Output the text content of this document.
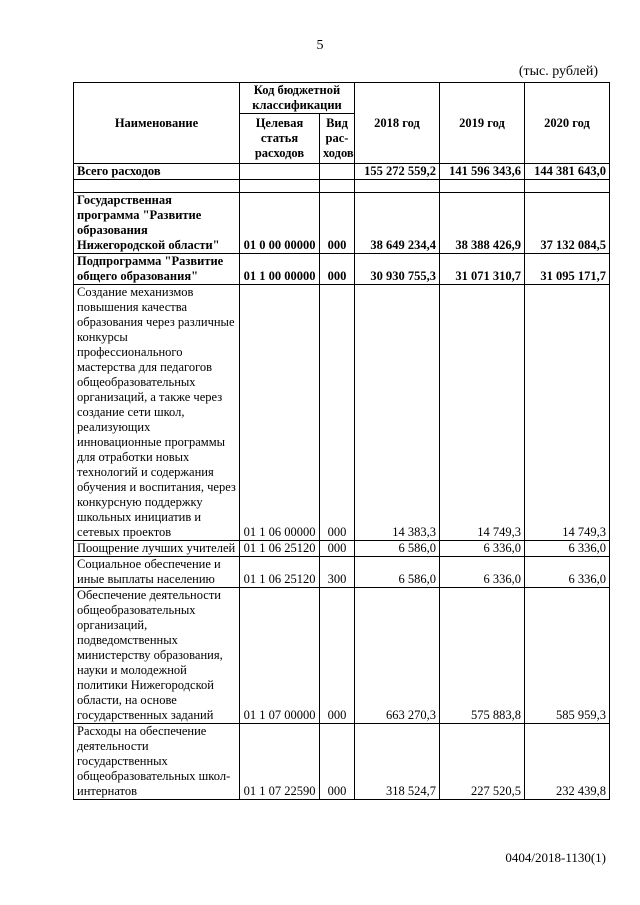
5
(тыс. рублей)
Наименование	Код бюджетной классификации		2018 год	2019 год	2020 год
	Целевая статья расходов	Вид рас-ходов			
Всего расходов			155 272 559,2	141 596 343,6	144 381 643,0

Государственная программа "Развитие образования Нижегородской области"	01 0 00 00000	000	38 649 234,4	38 388 426,9	37 132 084,5
Подпрограмма "Развитие общего образования"	01 1 00 00000	000	30 930 755,3	31 071 310,7	31 095 171,7
Создание механизмов повышения качества образования через различные конкурсы профессионального мастерства для педагогов общеобразовательных организаций, а также через создание сети школ, реализующих инновационные программы для отработки новых технологий и содержания обучения и воспитания, через конкурсную поддержку школьных инициатив и сетевых проектов	01 1 06 00000	000	14 383,3	14 749,3	14 749,3
Поощрение лучших учителей	01 1 06 25120	000	6 586,0	6 336,0	6 336,0
Социальное обеспечение и иные выплаты населению	01 1 06 25120	300	6 586,0	6 336,0	6 336,0
Обеспечение деятельности общеобразовательных организаций, подведомственных министерству образования, науки и молодежной политики Нижегородской области, на основе государственных заданий	01 1 07 00000	000	663 270,3	575 883,8	585 959,3
Расходы на обеспечение деятельности государственных общеобразовательных школ-интернатов	01 1 07 22590	000	318 524,7	227 520,5	232 439,8
0404/2018-1130(1)
